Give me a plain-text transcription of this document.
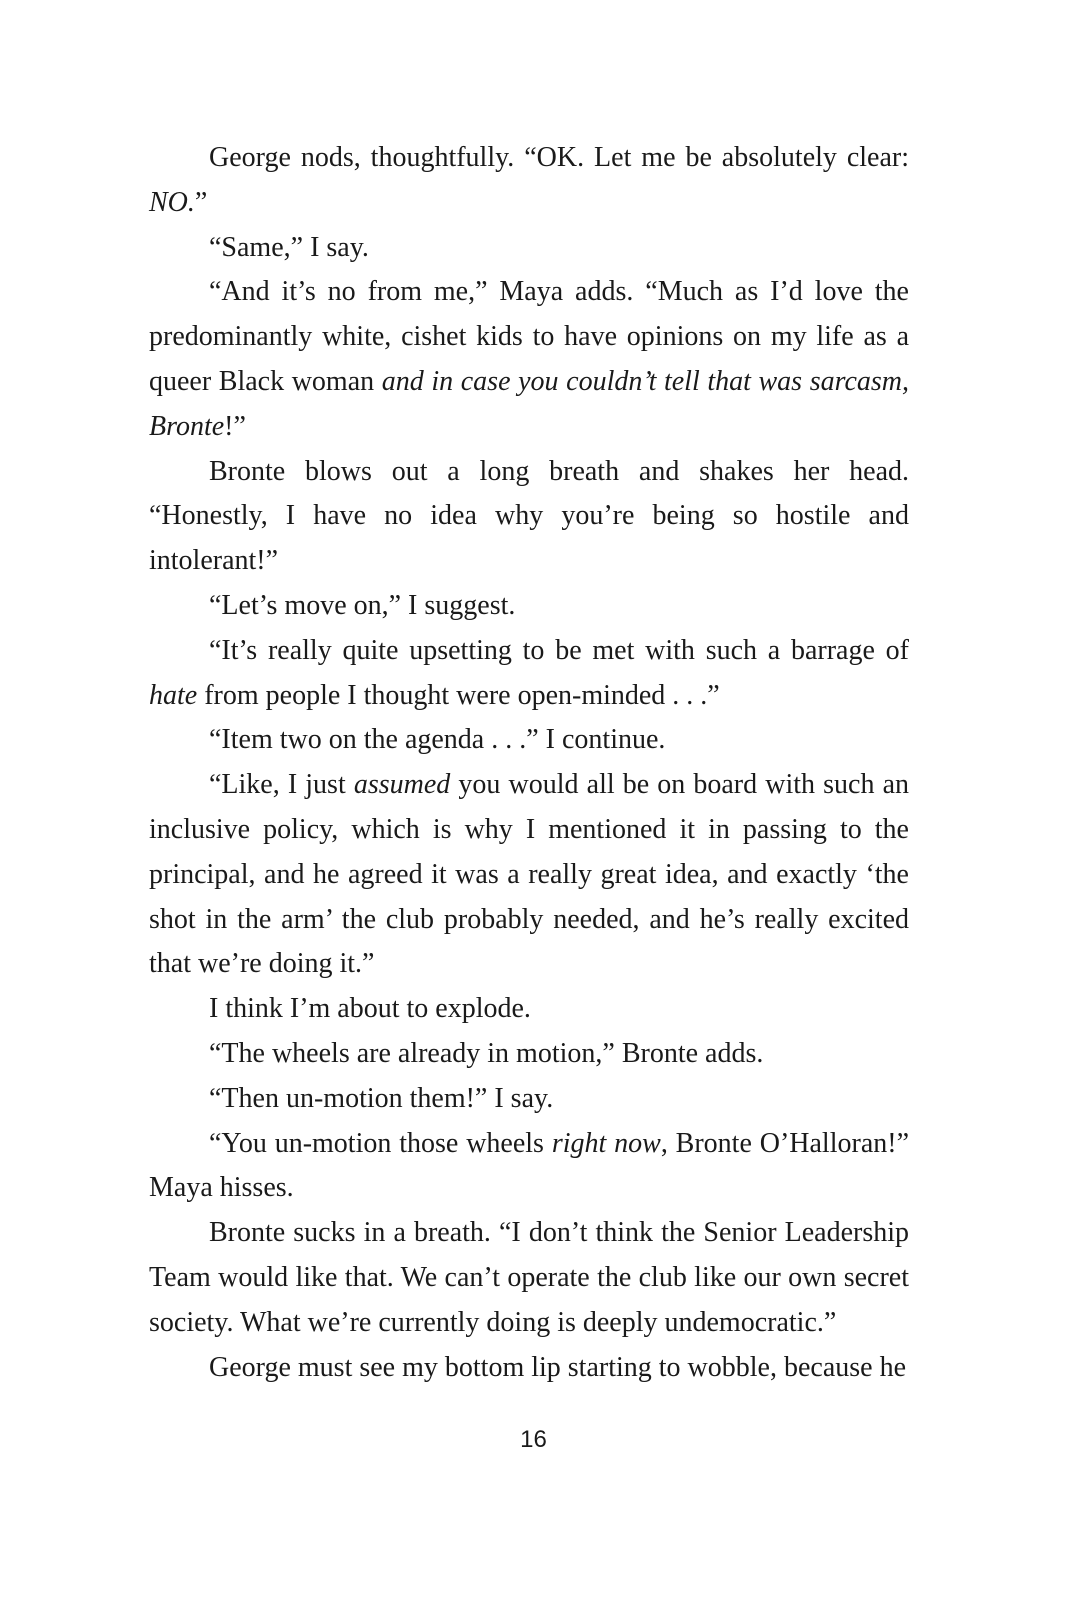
George nods, thoughtfully. “OK. Let me be absolutely clear: NO.”

“Same,” I say.

“And it’s no from me,” Maya adds. “Much as I’d love the predominantly white, cishet kids to have opinions on my life as a queer Black woman and in case you couldn’t tell that was sarcasm, Bronte!”

Bronte blows out a long breath and shakes her head. “Honestly, I have no idea why you’re being so hostile and intolerant!”

“Let’s move on,” I suggest.

“It’s really quite upsetting to be met with such a barrage of hate from people I thought were open-minded . . .”

“Item two on the agenda . . .” I continue.

“Like, I just assumed you would all be on board with such an inclusive policy, which is why I mentioned it in passing to the principal, and he agreed it was a really great idea, and exactly ‘the shot in the arm’ the club probably needed, and he’s really excited that we’re doing it.”

I think I’m about to explode.

“The wheels are already in motion,” Bronte adds.

“Then un-motion them!” I say.

“You un-motion those wheels right now, Bronte O’Halloran!” Maya hisses.

Bronte sucks in a breath. “I don’t think the Senior Leadership Team would like that. We can’t operate the club like our own secret society. What we’re currently doing is deeply undemocratic.”

George must see my bottom lip starting to wobble, because he

16
